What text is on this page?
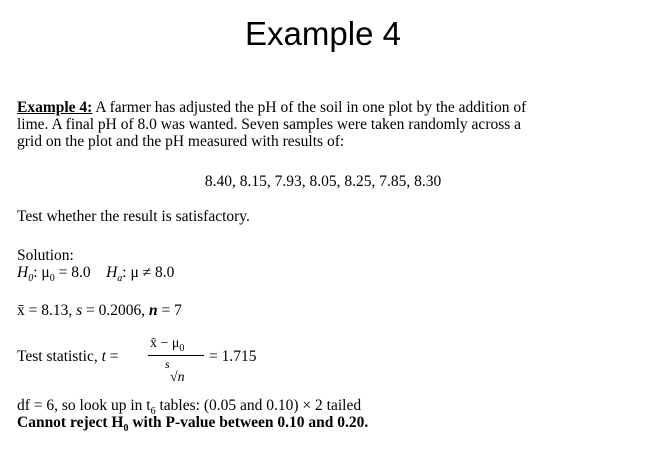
Example 4
Example 4: A farmer has adjusted the pH of the soil in one plot by the addition of
lime. A final pH of 8.0 was wanted. Seven samples were taken randomly across a
grid on the plot and the pH measured with results of:
8.40, 8.15, 7.93, 8.05, 8.25, 7.85, 8.30
Test whether the result is satisfactory.
Solution:
$H_0$: $\mu_0 = 8.0$ $H_a$: μ ≠ 8.0
x̄ = 8.13, s = 0.2006, n = 7
Test statistic, t =
x̄ − $\mu_0$
s
√n
= 1.715
df = 6, so look up in $t_6$ tables: (0.05 and 0.10) × 2 tailed
Cannot reject $H_0$ with P-value between 0.10 and 0.20.
